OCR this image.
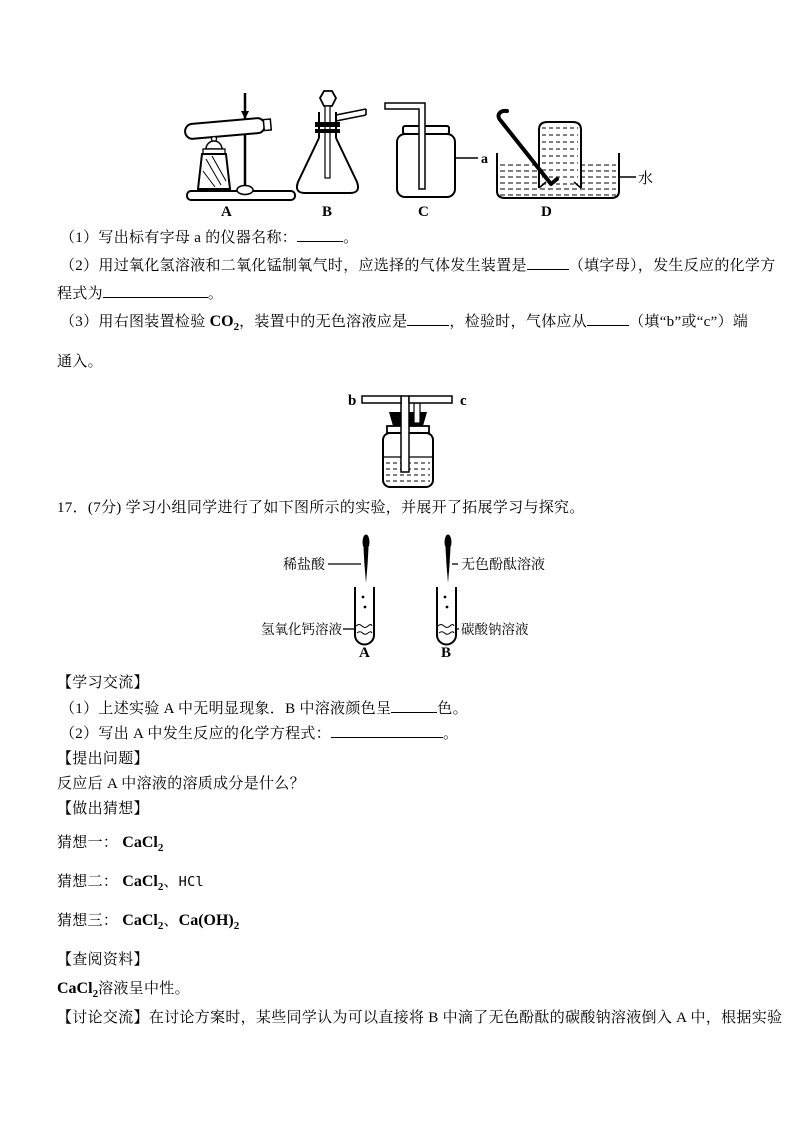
A	B
a
C
水
D
（1）写出标有字母 a 的仪器名称：	。
（2）用过氧化氢溶液和二氧化锰制氧气时，应选择的气体发生装置是	（填字母），发生反应的化学方
程式为	。
（3）用右图装置检验 $CO_2$，装置中的无色溶液应是	，检验时，气体应从	（填“b”或“c”）端
通入。
b	c
17．(7分) 学习小组同学进行了如下图所示的实验，并展开了拓展学习与探究。
稀盐酸	无色酚酞溶液
氢氧化钙溶液	碳酸钠溶液
A	B
【学习交流】
（1）上述实验 A 中无明显现象．B 中溶液颜色呈	色。
（2）写出 A 中发生反应的化学方程式：	。
【提出问题】
反应后 A 中溶液的溶质成分是什么？
【做出猜想】
猜想一： CaCl$_2$
猜想二： CaCl$_2$、HCl
猜想三： CaCl$_2$、$Ca(OH)_2$
【查阅资料】
CaCl$_2$溶液呈中性。
【讨论交流】在讨论方案时，某些同学认为可以直接将 B 中滴了无色酚酞的碳酸钠溶液倒入 A 中，根据实验
